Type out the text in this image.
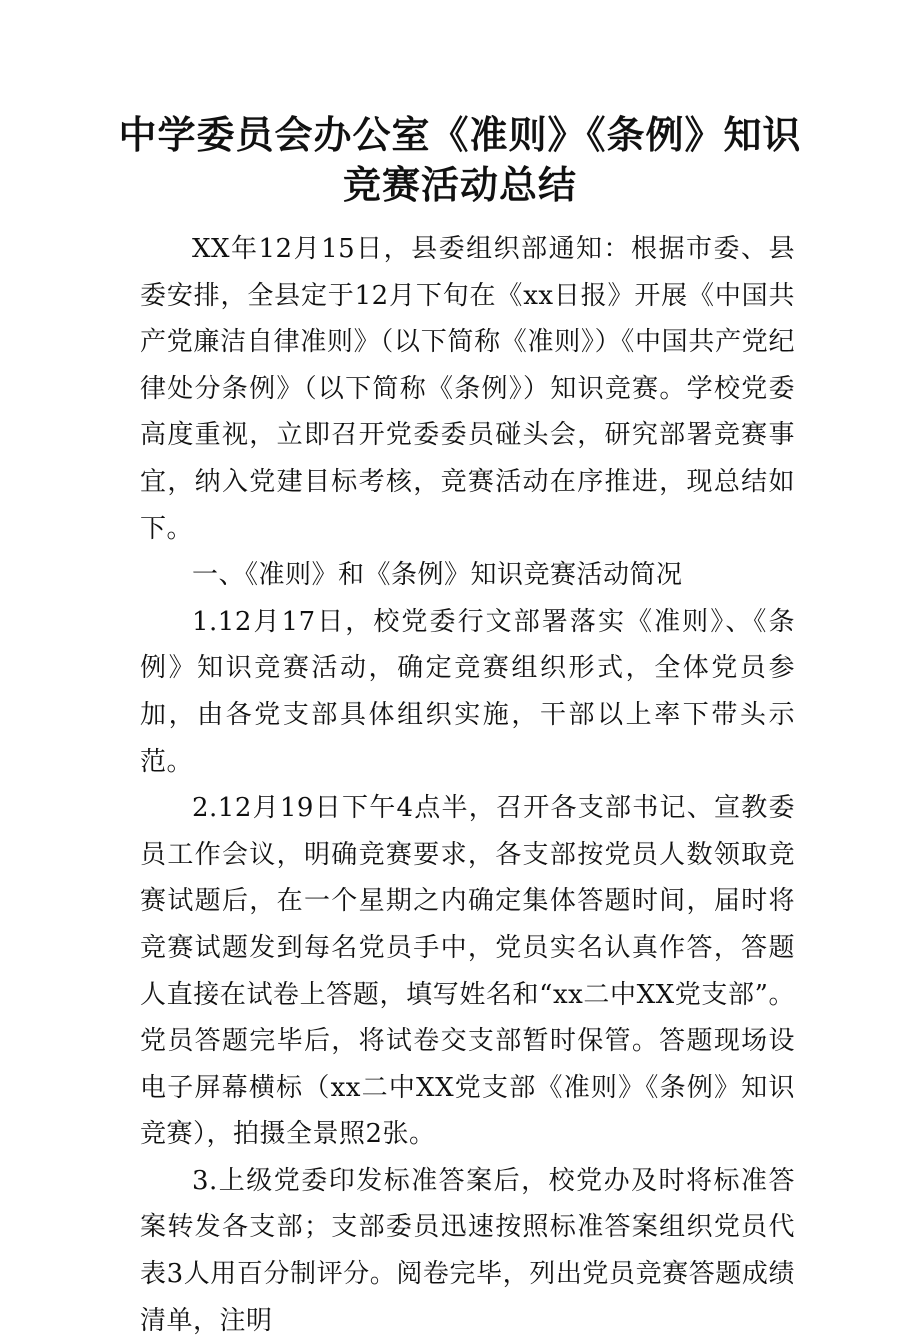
中学委员会办公室《准则》《条例》知识
竞赛活动总结

XX年12月15日，县委组织部通知：根据市委、县委安排，全县定于12月下旬在《xx日报》开展《中国共产党廉洁自律准则》（以下简称《准则》）《中国共产党纪律处分条例》（以下简称《条例》）知识竞赛。学校党委高度重视，立即召开党委委员碰头会，研究部署竞赛事宜，纳入党建目标考核，竞赛活动在序推进，现总结如下。

一、《准则》和《条例》知识竞赛活动简况

1.12月17日，校党委行文部署落实《准则》、《条例》知识竞赛活动，确定竞赛组织形式，全体党员参加，由各党支部具体组织实施，干部以上率下带头示范。

2.12月19日下午4点半，召开各支部书记、宣教委员工作会议，明确竞赛要求，各支部按党员人数领取竞赛试题后，在一个星期之内确定集体答题时间，届时将竞赛试题发到每名党员手中，党员实名认真作答，答题人直接在试卷上答题，填写姓名和“xx二中XX党支部”。党员答题完毕后，将试卷交支部暂时保管。答题现场设电子屏幕横标（xx二中XX党支部《准则》《条例》知识竞赛），拍摄全景照2张。

3.上级党委印发标准答案后，校党办及时将标准答案转发各支部；支部委员迅速按照标准答案组织党员代表3人用百分制评分。阅卷完毕，列出党员竞赛答题成绩清单，注明
